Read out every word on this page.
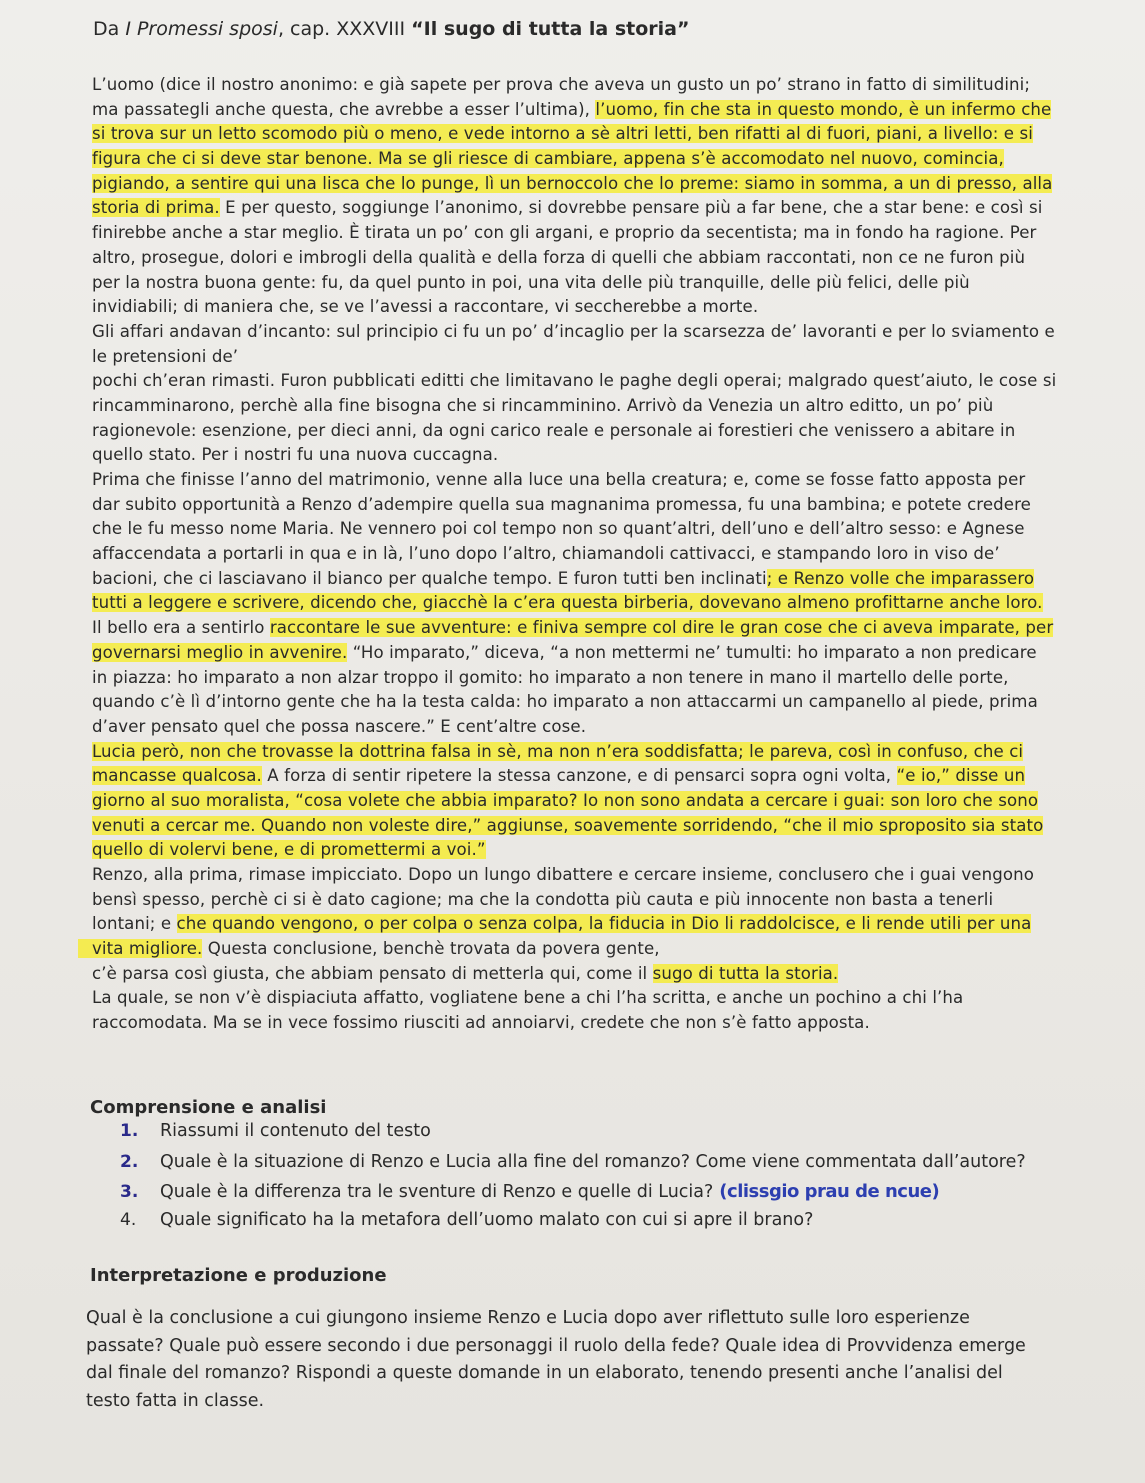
Da I Promessi sposi, cap. XXXVIII “Il sugo di tutta la storia”
L’uomo (dice il nostro anonimo: e già sapete per prova che aveva un gusto un po’ strano in fatto di similitudini;
ma passategli anche questa, che avrebbe a esser l’ultima), l’uomo, fin che sta in questo mondo, è un infermo che
si trova sur un letto scomodo più o meno, e vede intorno a sè altri letti, ben rifatti al di fuori, piani, a livello: e si
figura che ci si deve star benone. Ma se gli riesce di cambiare, appena s’è accomodato nel nuovo, comincia,
pigiando, a sentire qui una lisca che lo punge, lì un bernoccolo che lo preme: siamo in somma, a un di presso, alla
storia di prima. E per questo, soggiunge l’anonimo, si dovrebbe pensare più a far bene, che a star bene: e così si
finirebbe anche a star meglio. È tirata un po’ con gli argani, e proprio da secentista; ma in fondo ha ragione. Per
altro, prosegue, dolori e imbrogli della qualità e della forza di quelli che abbiam raccontati, non ce ne furon più
per la nostra buona gente: fu, da quel punto in poi, una vita delle più tranquille, delle più felici, delle più
invidiabili; di maniera che, se ve l’avessi a raccontare, vi seccherebbe a morte.
Gli affari andavan d’incanto: sul principio ci fu un po’ d’incaglio per la scarsezza de’ lavoranti e per lo sviamento e
le pretensioni de’
pochi ch’eran rimasti. Furon pubblicati editti che limitavano le paghe degli operai; malgrado quest’aiuto, le cose si
rincamminarono, perchè alla fine bisogna che si rincamminino. Arrivò da Venezia un altro editto, un po’ più
ragionevole: esenzione, per dieci anni, da ogni carico reale e personale ai forestieri che venissero a abitare in
quello stato. Per i nostri fu una nuova cuccagna.
Prima che finisse l’anno del matrimonio, venne alla luce una bella creatura; e, come se fosse fatto apposta per
dar subito opportunità a Renzo d’adempire quella sua magnanima promessa, fu una bambina; e potete credere
che le fu messo nome Maria. Ne vennero poi col tempo non so quant’altri, dell’uno e dell’altro sesso: e Agnese
affaccendata a portarli in qua e in là, l’uno dopo l’altro, chiamandoli cattivacci, e stampando loro in viso de’
bacioni, che ci lasciavano il bianco per qualche tempo. E furon tutti ben inclinati; e Renzo volle che imparassero
tutti a leggere e scrivere, dicendo che, giacchè la c’era questa birberia, dovevano almeno profittarne anche loro.
Il bello era a sentirlo raccontare le sue avventure: e finiva sempre col dire le gran cose che ci aveva imparate, per
governarsi meglio in avvenire. “Ho imparato,” diceva, “a non mettermi ne’ tumulti: ho imparato a non predicare
in piazza: ho imparato a non alzar troppo il gomito: ho imparato a non tenere in mano il martello delle porte,
quando c’è lì d’intorno gente che ha la testa calda: ho imparato a non attaccarmi un campanello al piede, prima
d’aver pensato quel che possa nascere.” E cent’altre cose.
Lucia però, non che trovasse la dottrina falsa in sè, ma non n’era soddisfatta; le pareva, così in confuso, che ci
mancasse qualcosa. A forza di sentir ripetere la stessa canzone, e di pensarci sopra ogni volta, “e io,” disse un
giorno al suo moralista, “cosa volete che abbia imparato? Io non sono andata a cercare i guai: son loro che sono
venuti a cercar me. Quando non voleste dire,” aggiunse, soavemente sorridendo, “che il mio sproposito sia stato
quello di volervi bene, e di promettermi a voi.”
Renzo, alla prima, rimase impicciato. Dopo un lungo dibattere e cercare insieme, conclusero che i guai vengono
bensì spesso, perchè ci si è dato cagione; ma che la condotta più cauta e più innocente non basta a tenerli
lontani; e che quando vengono, o per colpa o senza colpa, la fiducia in Dio li raddolcisce, e li rende utili per una
vita migliore. Questa conclusione, benchè trovata da povera gente,
c’è parsa così giusta, che abbiam pensato di metterla qui, come il sugo di tutta la storia.
La quale, se non v’è dispiaciuta affatto, vogliatene bene a chi l’ha scritta, e anche un pochino a chi l’ha
raccomodata. Ma se in vece fossimo riusciti ad annoiarvi, credete che non s’è fatto apposta.
Comprensione e analisi
1.	Riassumi il contenuto del testo
2.	Quale è la situazione di Renzo e Lucia alla fine del romanzo? Come viene commentata dall’autore?
3.	Quale è la differenza tra le sventure di Renzo e quelle di Lucia? (clissgio prau de ncue)
4.	Quale significato ha la metafora dell’uomo malato con cui si apre il brano?
Interpretazione e produzione
Qual è la conclusione a cui giungono insieme Renzo e Lucia dopo aver riflettuto sulle loro esperienze
passate? Quale può essere secondo i due personaggi il ruolo della fede? Quale idea di Provvidenza emerge
dal finale del romanzo? Rispondi a queste domande in un elaborato, tenendo presenti anche l’analisi del
testo fatta in classe.
